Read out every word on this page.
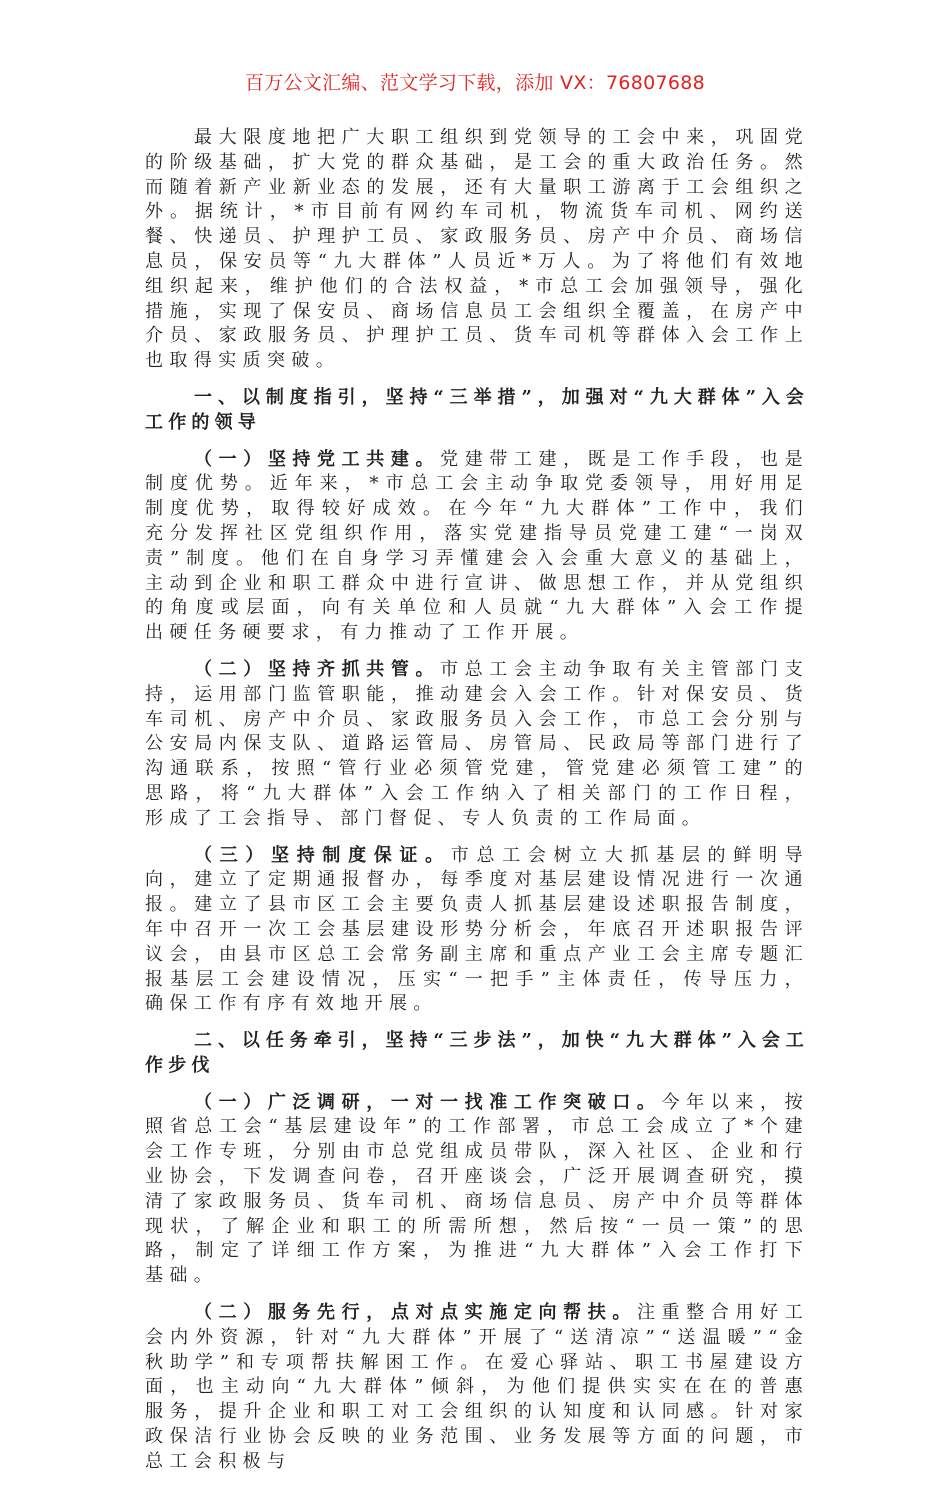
百万公文汇编、范文学习下载，添加 VX：76807688

最大限度地把广大职工组织到党领导的工会中来，巩固党的阶级基础，扩大党的群众基础，是工会的重大政治任务。然而随着新产业新业态的发展，还有大量职工游离于工会组织之外。据统计，*市目前有网约车司机，物流货车司机、网约送餐、快递员、护理护工员、家政服务员、房产中介员、商场信息员，保安员等“九大群体”人员近*万人。为了将他们有效地组织起来，维护他们的合法权益，*市总工会加强领导，强化措施，实现了保安员、商场信息员工会组织全覆盖，在房产中介员、家政服务员、护理护工员、货车司机等群体入会工作上也取得实质突破。

一、以制度指引，坚持“三举措”，加强对“九大群体”入会工作的领导

（一）坚持党工共建。党建带工建，既是工作手段，也是制度优势。近年来，*市总工会主动争取党委领导，用好用足制度优势，取得较好成效。在今年“九大群体”工作中，我们充分发挥社区党组织作用，落实党建指导员党建工建“一岗双责”制度。他们在自身学习弄懂建会入会重大意义的基础上，主动到企业和职工群众中进行宣讲、做思想工作，并从党组织的角度或层面，向有关单位和人员就“九大群体”入会工作提出硬任务硬要求，有力推动了工作开展。

（二）坚持齐抓共管。市总工会主动争取有关主管部门支持，运用部门监管职能，推动建会入会工作。针对保安员、货车司机、房产中介员、家政服务员入会工作，市总工会分别与公安局内保支队、道路运管局、房管局、民政局等部门进行了沟通联系，按照“管行业必须管党建，管党建必须管工建”的思路，将“九大群体”入会工作纳入了相关部门的工作日程，形成了工会指导、部门督促、专人负责的工作局面。

（三）坚持制度保证。市总工会树立大抓基层的鲜明导向，建立了定期通报督办，每季度对基层建设情况进行一次通报。建立了县市区工会主要负责人抓基层建设述职报告制度，年中召开一次工会基层建设形势分析会，年底召开述职报告评议会，由县市区总工会常务副主席和重点产业工会主席专题汇报基层工会建设情况，压实“一把手”主体责任，传导压力，确保工作有序有效地开展。

二、以任务牵引，坚持“三步法”，加快“九大群体”入会工作步伐

（一）广泛调研，一对一找准工作突破口。今年以来，按照省总工会“基层建设年”的工作部署，市总工会成立了*个建会工作专班，分别由市总党组成员带队，深入社区、企业和行业协会，下发调查问卷，召开座谈会，广泛开展调查研究，摸清了家政服务员、货车司机、商场信息员、房产中介员等群体现状，了解企业和职工的所需所想，然后按“一员一策”的思路，制定了详细工作方案，为推进“九大群体”入会工作打下基础。

（二）服务先行，点对点实施定向帮扶。注重整合用好工会内外资源，针对“九大群体”开展了“送清凉”“送温暖”“金秋助学”和专项帮扶解困工作。在爱心驿站、职工书屋建设方面，也主动向“九大群体”倾斜，为他们提供实实在在的普惠服务，提升企业和职工对工会组织的认知度和认同感。针对家政保洁行业协会反映的业务范围、业务发展等方面的问题，市总工会积极与
